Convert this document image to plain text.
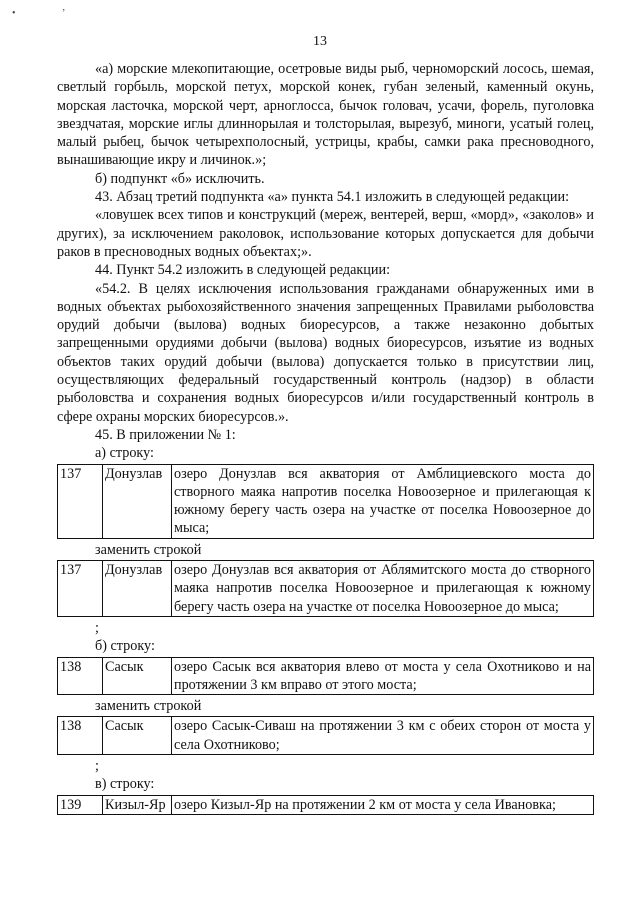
• ’
13

«а) морские млекопитающие, осетровые виды рыб, черноморский лосось, шемая, светлый горбыль, морской петух, морской конек, губан зеленый, каменный окунь, морская ласточка, морской черт, арноглосса, бычок головач, усачи, форель, пуголовка звездчатая, морские иглы длиннорылая и толсторылая, вырезуб, миноги, усатый голец, малый рыбец, бычок четырехполосный, устрицы, крабы, самки рака пресноводного, вынашивающие икру и личинок.»;

б) подпункт «б» исключить.

43. Абзац третий подпункта «а» пункта 54.1 изложить в следующей редакции:

«ловушек всех типов и конструкций (мереж, вентерей, верш, «морд», «заколов» и других), за исключением раколовок, использование которых допускается для добычи раков в пресноводных водных объектах;».

44. Пункт 54.2 изложить в следующей редакции:

«54.2. В целях исключения использования гражданами обнаруженных ими в водных объектах рыбохозяйственного значения запрещенных Правилами рыболовства орудий добычи (вылова) водных биоресурсов, а также незаконно добытых запрещенными орудиями добычи (вылова) водных биоресурсов, изъятие из водных объектов таких орудий добычи (вылова) допускается только в присутствии лиц, осуществляющих федеральный государственный контроль (надзор) в области рыболовства и сохранения водных биоресурсов и/или государственный контроль в сфере охраны морских биоресурсов.».

45. В приложении № 1:

а) строку:

137	Донузлав	озеро Донузлав вся акватория от Амблициевского моста до створного маяка напротив поселка Новоозерное и прилегающая к южному берегу часть озера на участке от поселка Новоозерное до мыса;

заменить строкой

137	Донузлав	озеро Донузлав вся акватория от Аблямитского моста до створного маяка напротив поселка Новоозерное и прилегающая к южному берегу часть озера на участке от поселка Новоозерное до мыса;

;

б) строку:

138	Сасык	озеро Сасык вся акватория влево от моста у села Охотниково и на протяжении 3 км вправо от этого моста;

заменить строкой

138	Сасык	озеро Сасык-Сиваш на протяжении 3 км с обеих сторон от моста у села Охотниково;

;

в) строку:

139	Кизыл-Яр	озеро Кизыл-Яр на протяжении 2 км от моста у села Ивановка;
